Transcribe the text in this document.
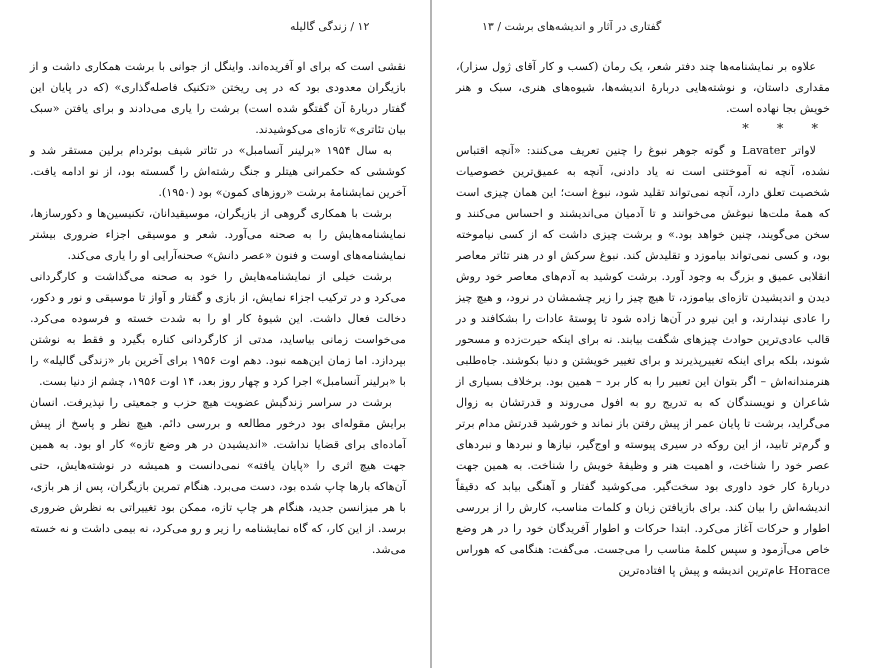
۱۲ / زندگی گالیله

نقشی است که برای او آفریده‌اند. واینگل از جوانی با برشت همکاری داشت و از بازیگران معدودی بود که در پی ریختن «تکنیک فاصله‌گذاری» (که در پایان این گفتار دربارهٔ آن گفتگو شده است) برشت را یاری می‌دادند و برای یافتن «سبک بیان تئاتری» تازه‌ای می‌کوشیدند.

به سال ۱۹۵۴ «برلینر آنسامبل» در تئاتر شیف بوئردام برلین مستقر شد و کوششی که حکمرانی هیتلر و جنگ رشته‌اش را گسسته بود، از نو ادامه یافت. آخرین نمایشنامهٔ برشت «روزهای کمون» بود (۱۹۵۰).

برشت با همکاری گروهی از بازیگران، موسیقیدانان، تکنیسین‌ها و دکورسازها، نمایشنامه‌هایش را به صحنه می‌آورد. شعر و موسیقی اجزاء ضروری بیشتر نمایشنامه‌های اوست و فنون «عصر دانش» صحنه‌آرایی او را یاری می‌کند.

برشت خیلی از نمایشنامه‌هایش را خود به صحنه می‌گذاشت و کارگردانی می‌کرد و در ترکیب اجزاء نمایش، از بازی و گفتار و آواز تا موسیقی و نور و دکور، دخالت فعال داشت. این شیوهٔ کار او را به شدت خسته و فرسوده می‌کرد. می‌خواست زمانی بیاساید، مدتی از کارگردانی کناره بگیرد و فقط به نوشتن بپردازد. اما زمان این‌همه نبود. دهم اوت ۱۹۵۶ برای آخرین بار «زندگی گالیله» را با «برلینر آنسامبل» اجرا کرد و چهار روز بعد، ۱۴ اوت ۱۹۵۶، چشم از دنیا بست.

برشت در سراسر زندگیش عضویت هیچ حزب و جمعیتی را نپذیرفت. انسان برایش مقوله‌ای بود درخور مطالعه و بررسی دائم. هیچ نظر و پاسخ از پیش آماده‌ای برای قضایا نداشت. «اندیشیدن در هر وضع تازه» کار او بود. به همین جهت هیچ اثری را «پایان یافته» نمی‌دانست و همیشه در نوشته‌هایش، حتی آن‌هاکه بارها چاپ شده بود، دست می‌برد. هنگام تمرین بازیگران، پس از هر بازی، با هر میزانسن جدید، هنگام هر چاپ تازه، ممکن بود تغییراتی به نظرش ضروری برسد. از این کار، که گاه نمایشنامه را زیر و رو می‌کرد، نه بیمی داشت و نه خسته می‌شد.

گفتاری در آثار و اندیشه‌های برشت / ۱۳

علاوه بر نمایشنامه‌ها چند دفتر شعر، یک رمان (کسب و کار آقای ژول سزار)، مقداری داستان، و نوشته‌هایی دربارهٔ اندیشه‌ها، شیوه‌های هنری، سبک و هنر خویش بجا نهاده است.

* * *

لاواتر Lavater و گوته جوهر نبوغ را چنین تعریف می‌کنند: «آنچه اقتباس نشده، آنچه نه آموختنی است نه یاد دادنی، آنچه به عمیق‌ترین خصوصیات شخصیت تعلق دارد، آنچه نمی‌تواند تقلید شود، نبوغ است؛ این همان چیزی است که همهٔ ملت‌ها نبوغش می‌خوانند و تا آدمیان می‌اندیشند و احساس می‌کنند و سخن می‌گویند، چنین خواهد بود.» و برشت چیزی داشت که از کسی نیاموخته بود، و کسی نمی‌تواند بیاموزد و تقلیدش کند. نبوغ سرکش او در هنر تئاتر معاصر انقلابی عمیق و بزرگ به وجود آورد. برشت کوشید به آدم‌های معاصر خود روش دیدن و اندیشیدن تازه‌ای بیاموزد، تا هیچ چیز را زیر چشمشان در نرود، و هیچ چیز را عادی نپندارند، و این نیرو در آن‌ها زاده شود تا پوستهٔ عادات را بشکافند و در قالب عادی‌ترین حوادث چیزهای شگفت بیابند. نه برای اینکه حیرت‌زده و مسحور شوند، بلکه برای اینکه تغییرپذیرند و برای تغییر خویشتن و دنیا بکوشند. جاه‌طلبی هنرمندانه‌اش – اگر بتوان این تعبیر را به کار برد – همین بود. برخلاف بسیاری از شاعران و نویسندگان که به تدریج رو به افول می‌روند و قدرتشان به زوال می‌گراید، برشت تا پایان عمر از پیش رفتن باز نماند و خورشید قدرتش مدام برتر و گرم‌تر تابید، از این روکه در سیری پیوسته و اوج‌گیر، نیازها و نبردها و نبردهای عصر خود را شناخت، و اهمیت هنر و وظیفهٔ خویش را شناخت. به همین جهت دربارهٔ کار خود داوری بود سخت‌گیر. می‌کوشید گفتار و آهنگی بیابد که دقیقاً اندیشه‌اش را بیان کند. برای بازیافتن زبان و کلمات مناسب، کارش را از بررسی اطوار و حرکات آغاز می‌کرد. ابتدا حرکات و اطوار آفریدگان خود را در هر وضع خاص می‌آزمود و سپس کلمهٔ مناسب را می‌جست. می‌گفت: هنگامی که هوراس Horace عام‌ترین اندیشه و پیش پا افتاده‌ترین
